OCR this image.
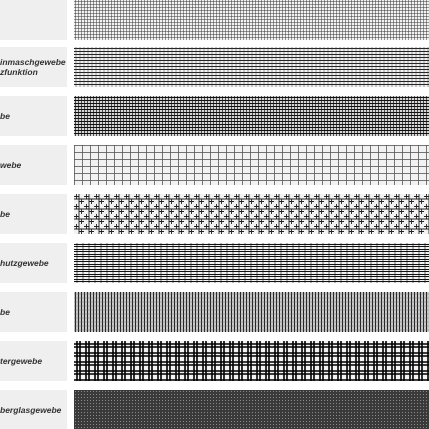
inmaschgewebe
zfunktion
be
webe
be
hutzgewebe
be
tergewebe
berglasgewebe
